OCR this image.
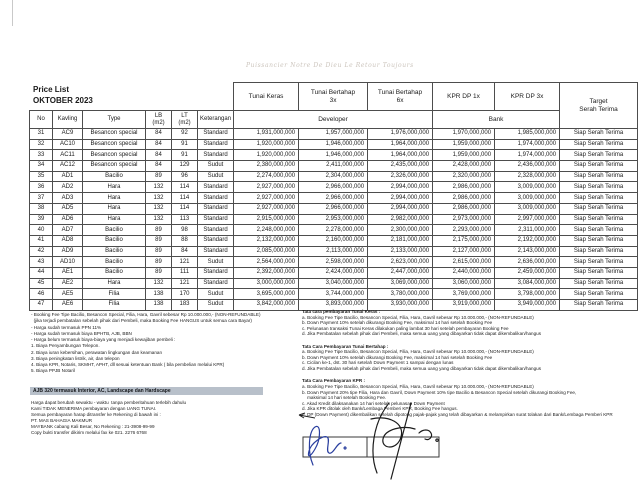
Puissancier Notre De Dieu Le Retour Toujours
Price List
OKTOBER 2023
		Tunai Keras	
Tunai Bertahap
3x

Tunai Bertahap
6x
	KPR DP 1x	KPR DP 3x	
Target
Serah Terima

No	Kavling	Type	
LB
(m2)

LT
(m2)
	Keterangan	Developer	Bank
31	AC9	Besancon special	84	92	Standard	1,931,000,000	1,957,000,000	1,976,000,000	1,970,000,000	1,985,000,000	Siap Serah Terima
32	AC10	Besancon special	84	91	Standard	1,920,000,000	1,946,000,000	1,964,000,000	1,959,000,000	1,974,000,000	Siap Serah Terima
33	AC11	Besancon special	84	91	Standard	1,920,000,000	1,946,000,000	1,964,000,000	1,959,000,000	1,974,000,000	Siap Serah Terima
34	AC12	Besancon special	84	129	Sudut	2,380,000,000	2,411,000,000	2,435,000,000	2,428,000,000	2,436,000,000	Siap Serah Terima
35	AD1	Bacilio	89	96	Sudut	2,274,000,000	2,304,000,000	2,326,000,000	2,320,000,000	2,328,000,000	Siap Serah Terima
36	AD2	Hara	132	114	Standard	2,927,000,000	2,966,000,000	2,994,000,000	2,986,000,000	3,009,000,000	Siap Serah Terima
37	AD3	Hara	132	114	Standard	2,927,000,000	2,966,000,000	2,994,000,000	2,986,000,000	3,009,000,000	Siap Serah Terima
38	AD5	Hara	132	114	Standard	2,927,000,000	2,966,000,000	2,994,000,000	2,986,000,000	3,009,000,000	Siap Serah Terima
39	AD6	Hara	132	113	Standard	2,915,000,000	2,953,000,000	2,982,000,000	2,973,000,000	2,997,000,000	Siap Serah Terima
40	AD7	Bacilio	89	98	Standard	2,248,000,000	2,278,000,000	2,300,000,000	2,293,000,000	2,311,000,000	Siap Serah Terima
41	AD8	Bacilio	89	88	Standard	2,132,000,000	2,160,000,000	2,181,000,000	2,175,000,000	2,192,000,000	Siap Serah Terima
42	AD9	Bacilio	89	84	Standard	2,085,000,000	2,113,000,000	2,133,000,000	2,127,000,000	2,143,000,000	Siap Serah Terima
43	AD10	Bacilio	89	121	Sudut	2,564,000,000	2,598,000,000	2,623,000,000	2,615,000,000	2,636,000,000	Siap Serah Terima
44	AE1	Bacilio	89	111	Standard	2,392,000,000	2,424,000,000	2,447,000,000	2,440,000,000	2,459,000,000	Siap Serah Terima
45	AE2	Hara	132	121	Standard	3,000,000,000	3,040,000,000	3,069,000,000	3,060,000,000	3,084,000,000	Siap Serah Terima
46	AE5	Filia	138	170	Sudut	3,695,000,000	3,744,000,000	3,780,000,000	3,769,000,000	3,798,000,000	Siap Serah Terima
47	AE6	Filia	138	183	Sudut	3,842,000,000	3,893,000,000	3,930,000,000	3,919,000,000	3,949,000,000	Siap Serah Terima
- Booking Fee Tipe Bacilio, Besancon Special, Filia, Hara, Gavril sebesar Rp 10.000.000,- (NON-REFUNDABLE)
(jika terjadi pembatalan sebelah pihak dari Pembeli, maka Booking Fee HANGUS untuk semua cara Bayar)
- Harga sudah termasuk PPN 11%
- Harga sudah termasuk biaya BPHTB, AJB, BBN
- Harga belum termasuk biaya-biaya yang menjadi kewajiban pembeli :
1. Biaya Penyambungan Telepon.
2. Biaya iuran kebersihan, perawatan lingkungan dan keamanan
3. Biaya peningkatan listrik, air, dan telepon
4. Biaya KPR, Notaris, SKMHT, APHT, dll sesuai ketentuan Bank ( bila pembelian melalui KPR)
5. Biaya PPJB Notaril
AJB 320 termasuk Interior, AC, Landscape dan Hardscape
Harga dapat berubah sewaktu - waktu  tanpa pemberitahuan terlebih dahulu
Kami TIDAK MENERIMA pembayaran dengan UANG TUNAI.
Semua pembayaran harap ditransfer ke Rekening di bawah ini :
PT. MAS BAHAGIA MAKMUR
MAYBANK cabang Kali Besar, No Rekening : 21-3908-99-99
Copy bukti transfer dikirim melalui fax ke 021. 2276 6768
Tata cara pembayaran Tunai Keras :
a. Booking Fee Tipe Bacilio, Besancon Special, Filia, Hara, Gavril sebesar Rp 10.000.000,- (NON-REFUNDABLE)
b. Down Payment 10% setelah dikurangi Booking Fee, maksimal 14 hari setelah Booking Fee
c. Pelunasan transaksi Tunai Keras dilakukan paling lambat 30 hari setelah pembayaran Booking Fee
d. Jika Pembatalan sebelah pihak dari Pembeli, maka semua uang yang dibayarkan tidak dapat dikembalikan/hangus
Tata Cara Pembayaran Tunai Bertahap :
a. Booking Fee Tipe Bacilio, Besancon Special, Filia, Hara, Gavril sebesar Rp 10.000.000,- (NON-REFUNDABLE)
b. Down Payment 10% setelah dikurangi Booking Fee, maksimal 14 hari setelah Booking Fee
c. Cicilan ke-1, dst. 30 hari setelah Down Payment 1 sampai dengan lunas
d. Jika Pembatalan sebelah pihak dari Pembeli, maka semua uang yang dibayarkan tidak dapat dikembalikan/hangus
Tata Cara Pembayaran KPR :
a. Booking Fee Tipe Bacilio, Besancon Special, Filia, Hara, Gavril sebesar Rp 10.000.000,- (NON-REFUNDABLE)
b. Down Payment 20% tipe Filia, Hara dan Gavril, Down Payment 10% tipe Bacilio & Besancon Special setelah dikurangi Booking Fee,
maksimal 14 hari setelah Booking Fee.
c. Akad Kredit dilaksanakan 14 hari setelah pelunasan Down Payment
d. Jika KPR ditolak oleh Bank/Lembaga Pemberi KPR, Booking Fee hangus.
e. DP (Down Payment) dikembalikan setelah dipotong pajak-pajak yang telah dibayarkan & melampirkan surat tolakan dari Bank/Lembaga Pemberi KPR
